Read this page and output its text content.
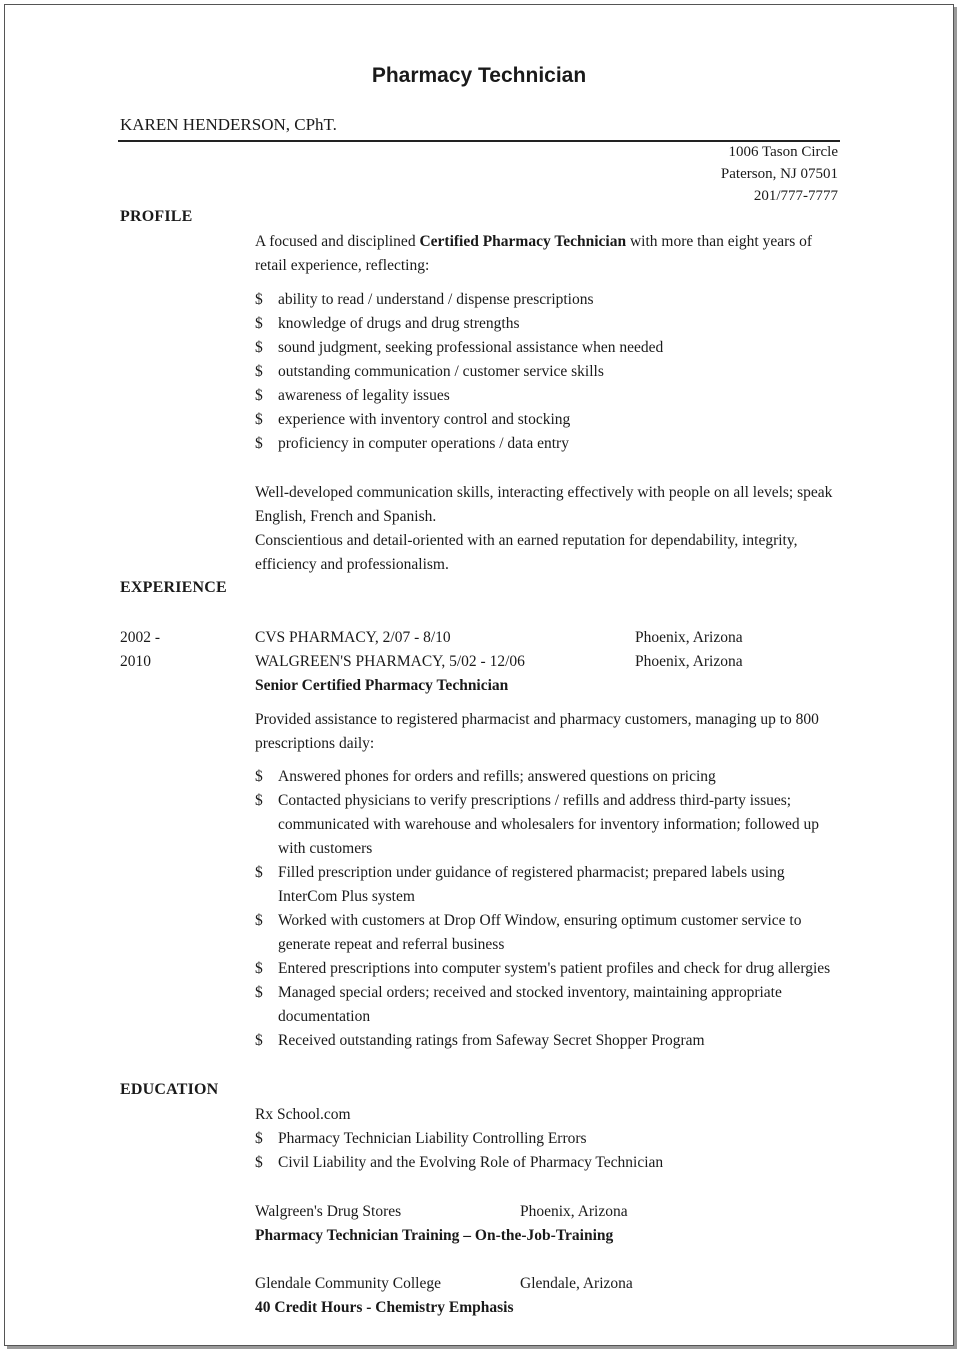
Pharmacy Technician
KAREN HENDERSON, CPhT.
1006 Tason Circle
Paterson, NJ 07501
201/777-7777
PROFILE

A focused and disciplined Certified Pharmacy Technician with more than eight years of retail experience, reflecting:

$ ability to read / understand / dispense prescriptions
$ knowledge of drugs and drug strengths
$ sound judgment, seeking professional assistance when needed
$ outstanding communication / customer service skills
$ awareness of legality issues
$ experience with inventory control and stocking
$ proficiency in computer operations / data entry

Well-developed communication skills, interacting effectively with people on all levels; speak English, French and Spanish.

Conscientious and detail-oriented with an earned reputation for dependability, integrity, efficiency and professionalism.

EXPERIENCE
2002 -
2010
CVS PHARMACY, 2/07 - 8/10	Phoenix, Arizona
WALGREEN'S PHARMACY, 5/02 - 12/06	Phoenix, Arizona
Senior Certified Pharmacy Technician

Provided assistance to registered pharmacist and pharmacy customers, managing up to 800 prescriptions daily:

$ Answered phones for orders and refills; answered questions on pricing
$ Contacted physicians to verify prescriptions / refills and address third-party issues; communicated with warehouse and wholesalers for inventory information; followed up with customers
$ Filled prescription under guidance of registered pharmacist; prepared labels using InterCom Plus system
$ Worked with customers at Drop Off Window, ensuring optimum customer service to generate repeat and referral business
$ Entered prescriptions into computer system's patient profiles and check for drug allergies
$ Managed special orders; received and stocked inventory, maintaining appropriate documentation
$ Received outstanding ratings from Safeway Secret Shopper Program
EDUCATION
Rx School.com
$ Pharmacy Technician Liability Controlling Errors
$ Civil Liability and the Evolving Role of Pharmacy Technician
Walgreen's Drug Stores	Phoenix, Arizona
Pharmacy Technician Training – On-the-Job-Training
Glendale Community College	Glendale, Arizona
40 Credit Hours - Chemistry Emphasis
